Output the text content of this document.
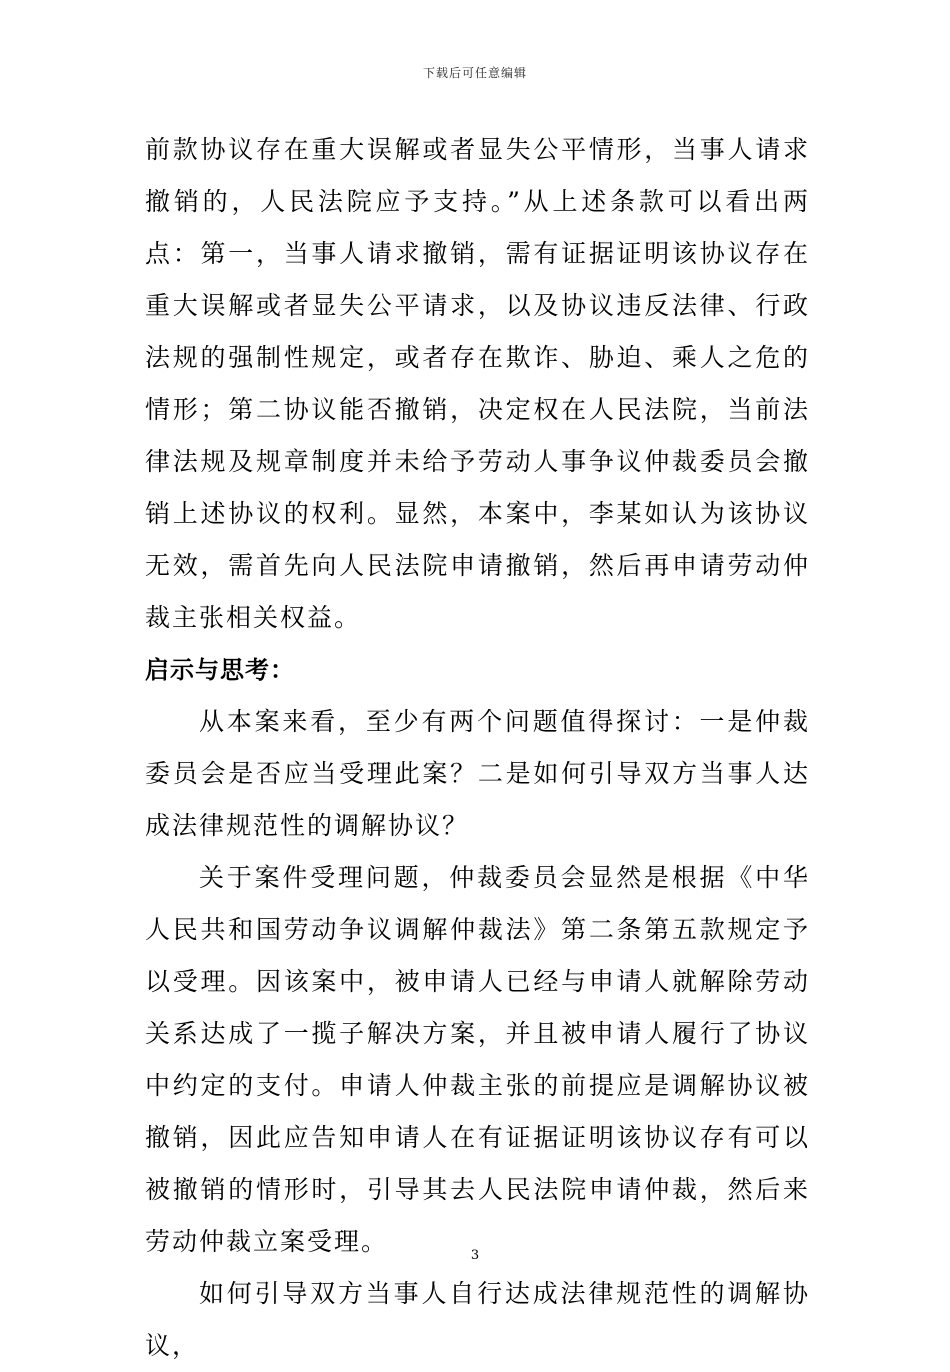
下载后可任意编辑

前款协议存在重大误解或者显失公平情形，当事人请求撤销的，人民法院应予支持。”从上述条款可以看出两点：第一，当事人请求撤销，需有证据证明该协议存在重大误解或者显失公平请求，以及协议违反法律、行政法规的强制性规定，或者存在欺诈、胁迫、乘人之危的情形；第二协议能否撤销，决定权在人民法院，当前法律法规及规章制度并未给予劳动人事争议仲裁委员会撤销上述协议的权利。显然，本案中，李某如认为该协议无效，需首先向人民法院申请撤销，然后再申请劳动仲裁主张相关权益。

启示与思考：

从本案来看，至少有两个问题值得探讨：一是仲裁委员会是否应当受理此案？二是如何引导双方当事人达成法律规范性的调解协议？

关于案件受理问题，仲裁委员会显然是根据《中华人民共和国劳动争议调解仲裁法》第二条第五款规定予以受理。因该案中，被申请人已经与申请人就解除劳动关系达成了一揽子解决方案，并且被申请人履行了协议中约定的支付。申请人仲裁主张的前提应是调解协议被撤销，因此应告知申请人在有证据证明该协议存有可以被撤销的情形时，引导其去人民法院申请仲裁，然后来劳动仲裁立案受理。

如何引导双方当事人自行达成法律规范性的调解协议，

3
